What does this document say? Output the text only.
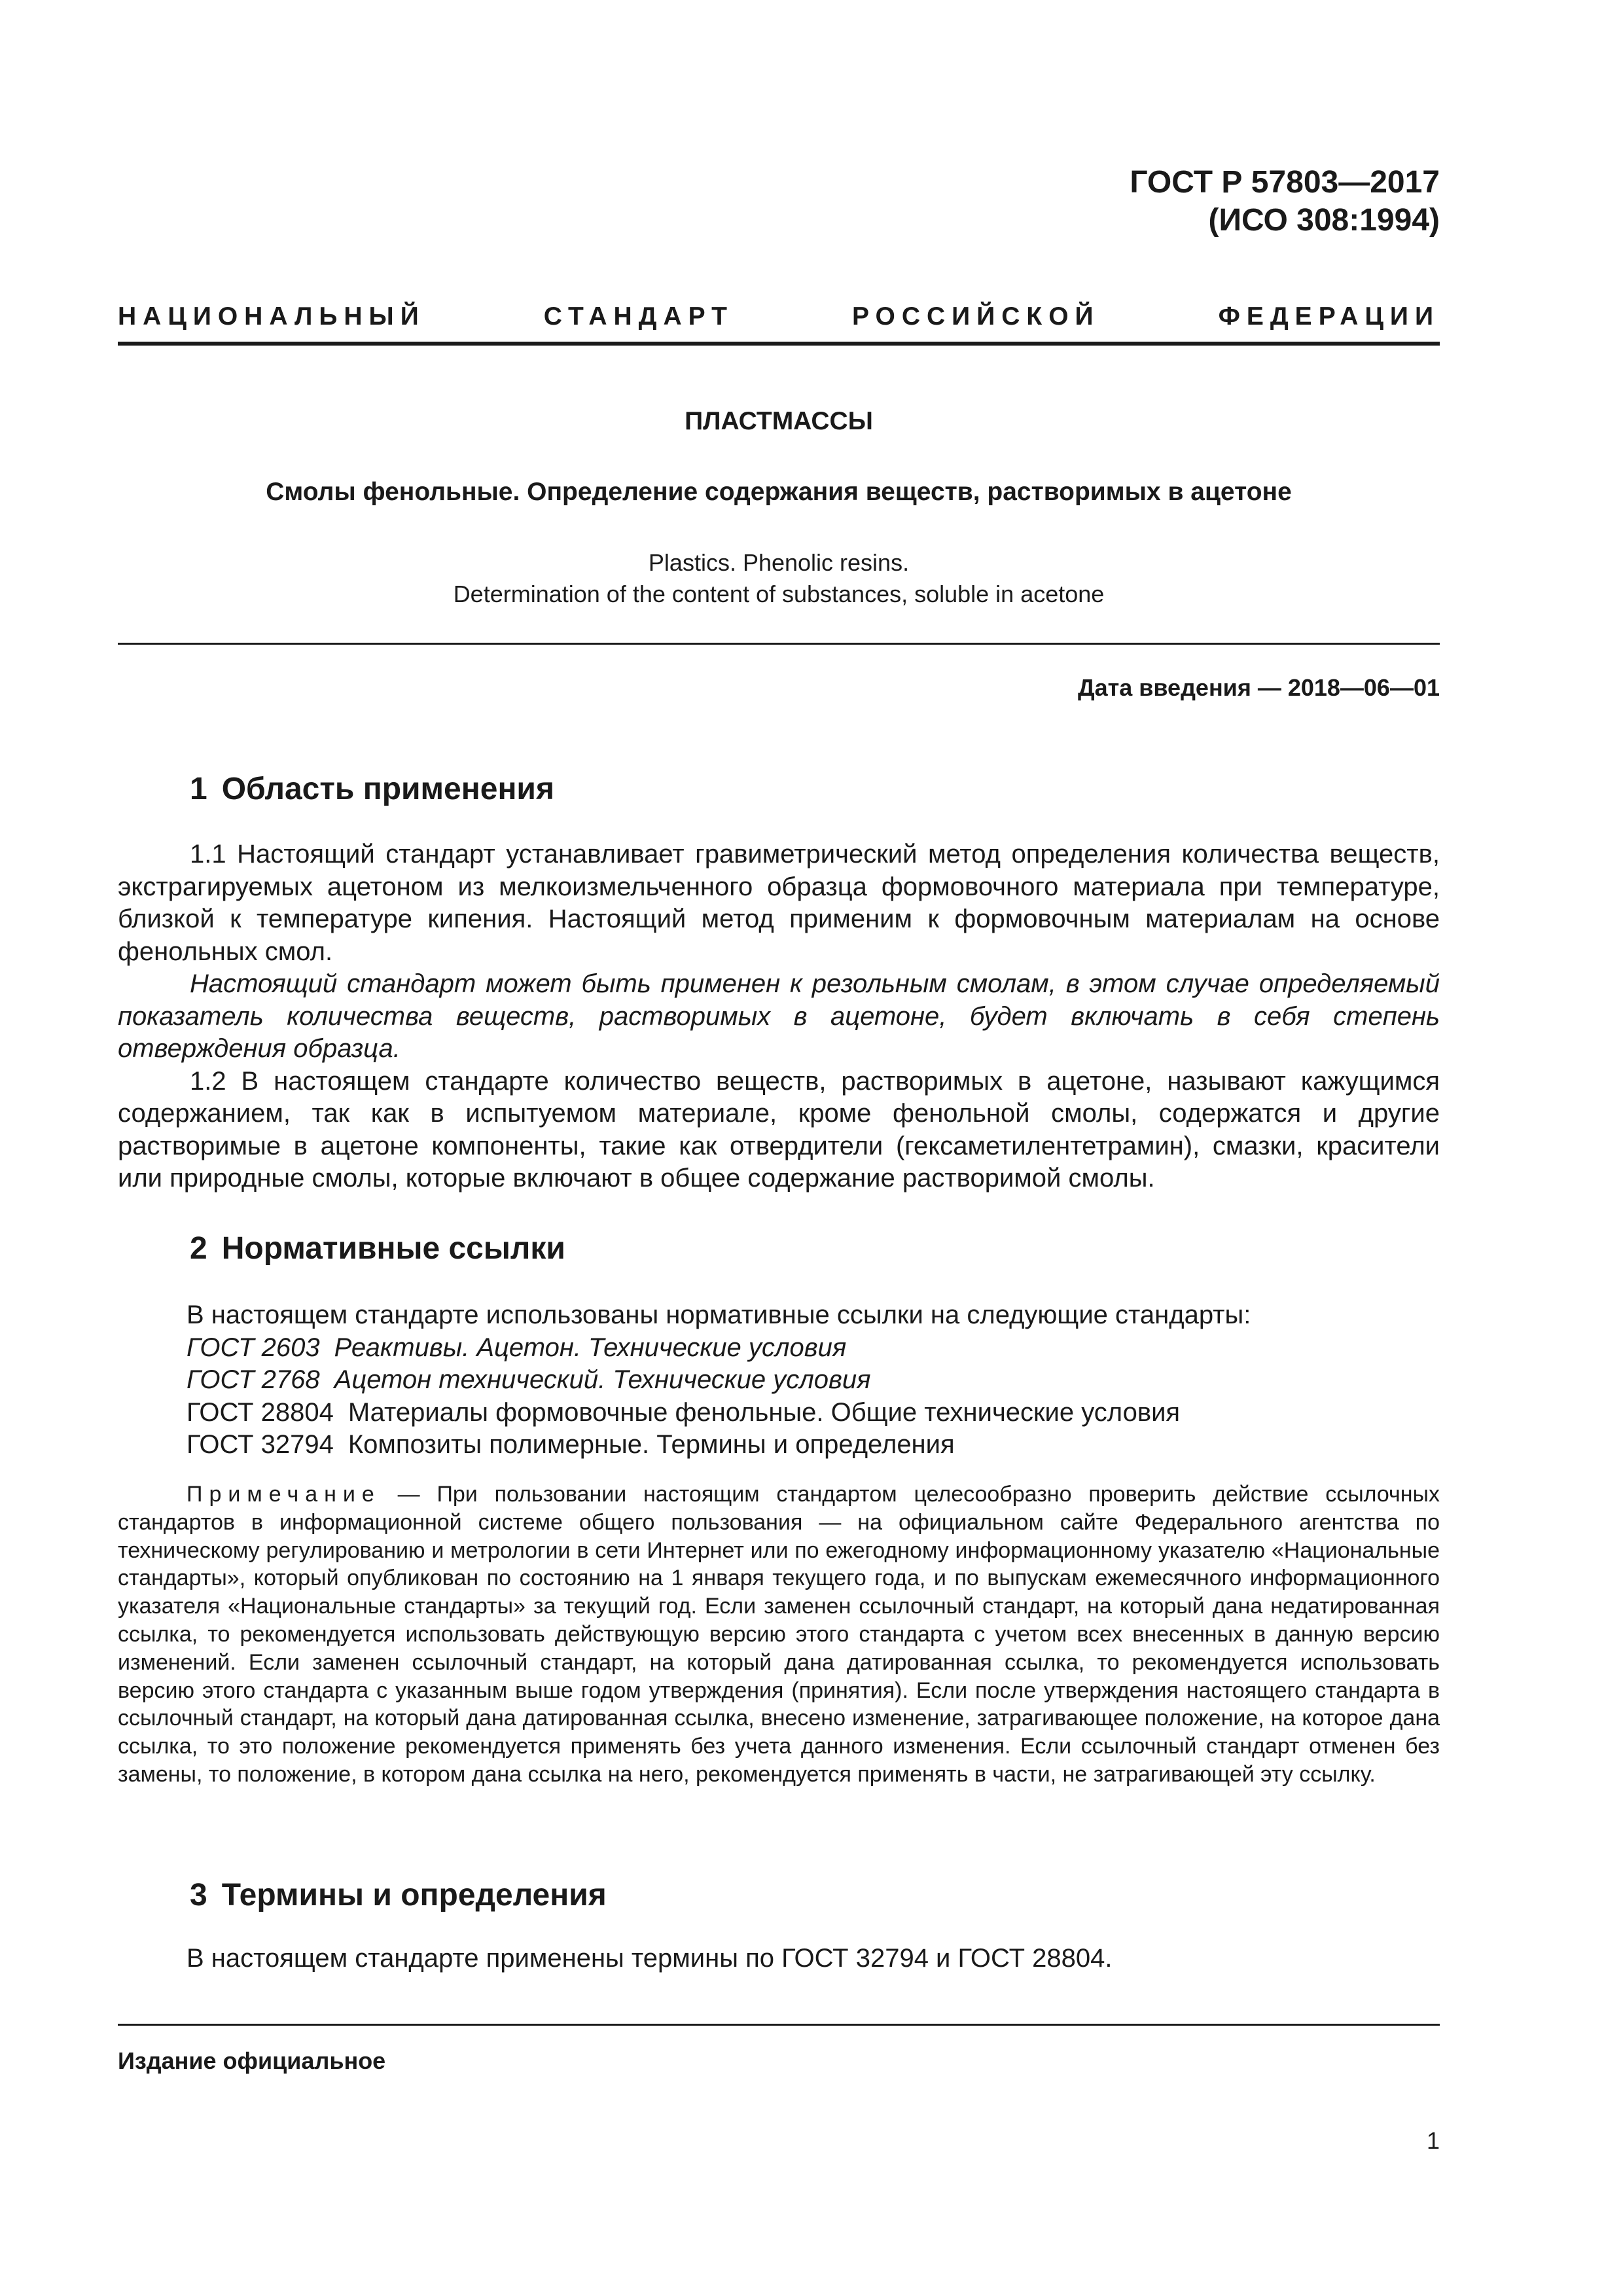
ГОСТ Р 57803—2017
(ИСО 308:1994)
НАЦИОНАЛЬНЫЙ	СТАНДАРТ	РОССИЙСКОЙ	ФЕДЕРАЦИИ
ПЛАСТМАССЫ
Смолы фенольные. Определение содержания веществ, растворимых в ацетоне
Plastics. Phenolic resins.
Determination of the content of substances, soluble in acetone
Дата введения — 2018—06—01
1 Область применения

1.1 Настоящий стандарт устанавливает гравиметрический метод определения количества веществ, экстрагируемых ацетоном из мелкоизмельченного образца формовочного материала при температуре, близкой к температуре кипения. Настоящий метод применим к формовочным материалам на основе фенольных смол.

Настоящий стандарт может быть применен к резольным смолам, в этом случае определяемый показатель количества веществ, растворимых в ацетоне, будет включать в себя степень отверждения образца.

1.2 В настоящем стандарте количество веществ, растворимых в ацетоне, называют кажущимся содержанием, так как в испытуемом материале, кроме фенольной смолы, содержатся и другие растворимые в ацетоне компоненты, такие как отвердители (гексаметилентетрамин), смазки, красители или природные смолы, которые включают в общее содержание растворимой смолы.

2 Нормативные ссылки
В настоящем стандарте использованы нормативные ссылки на следующие стандарты:
ГОСТ 2603 Реактивы. Ацетон. Технические условия
ГОСТ 2768 Ацетон технический. Технические условия
ГОСТ 28804 Материалы формовочные фенольные. Общие технические условия
ГОСТ 32794 Композиты полимерные. Термины и определения
Примечание — При пользовании настоящим стандартом целесообразно проверить действие ссылочных стандартов в информационной системе общего пользования — на официальном сайте Федерального агентства по техническому регулированию и метрологии в сети Интернет или по ежегодному информационному указателю «Национальные стандарты», который опубликован по состоянию на 1 января текущего года, и по выпускам ежемесячного информационного указателя «Национальные стандарты» за текущий год. Если заменен ссылочный стандарт, на который дана недатированная ссылка, то рекомендуется использовать действующую версию этого стандарта с учетом всех внесенных в данную версию изменений. Если заменен ссылочный стандарт, на который дана датированная ссылка, то рекомендуется использовать версию этого стандарта с указанным выше годом утверждения (принятия). Если после утверждения настоящего стандарта в ссылочный стандарт, на который дана датированная ссылка, внесено изменение, затрагивающее положение, на которое дана ссылка, то это положение рекомендуется применять без учета данного изменения. Если ссылочный стандарт отменен без замены, то положение, в котором дана ссылка на него, рекомендуется применять в части, не затрагивающей эту ссылку.
3 Термины и определения
В настоящем стандарте применены термины по ГОСТ 32794 и ГОСТ 28804.
Издание официальное
1
